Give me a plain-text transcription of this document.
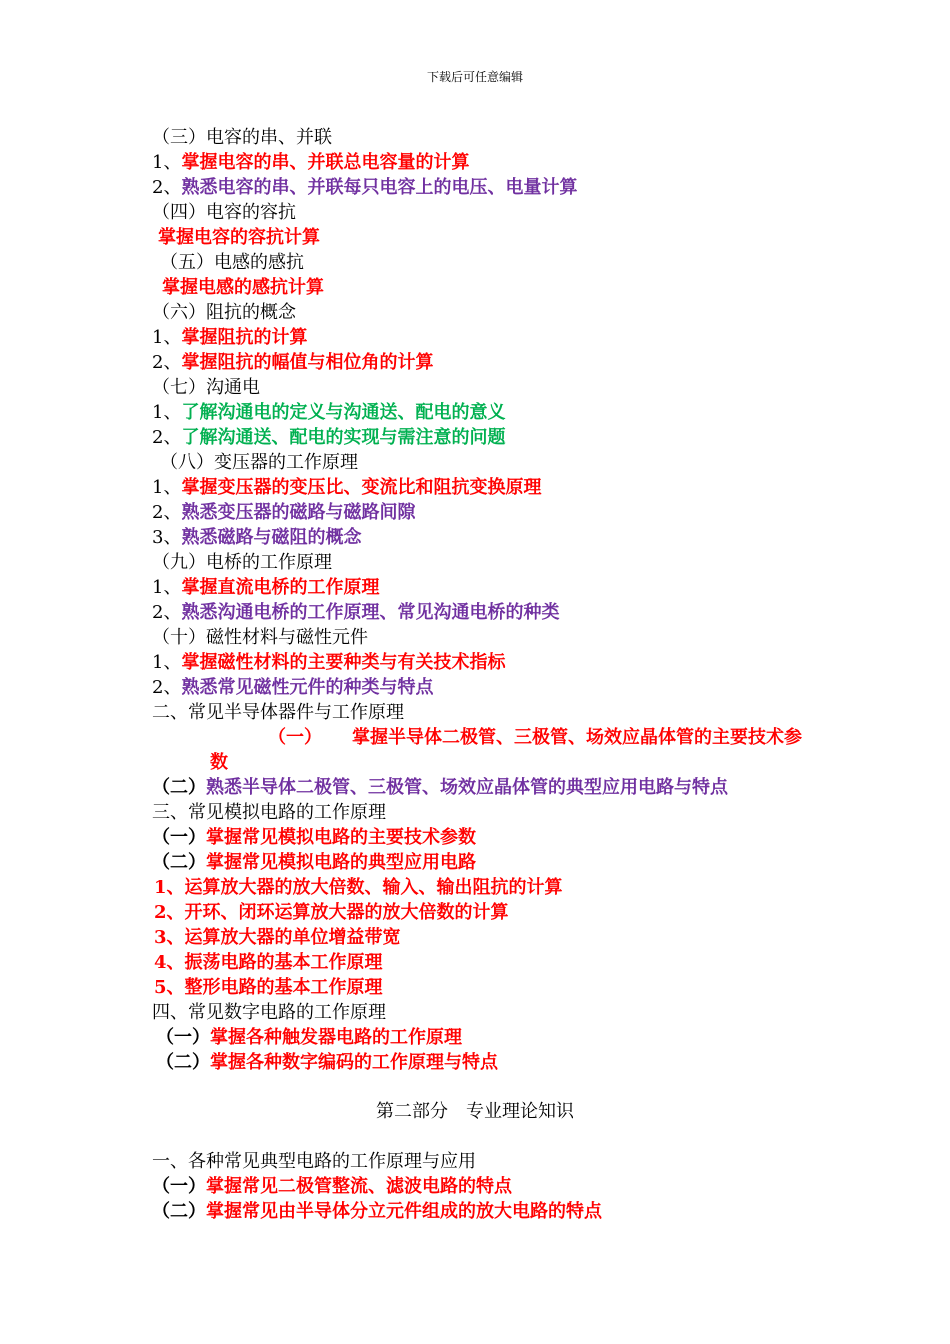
下载后可任意编辑
（三）电容的串、并联
1、掌握电容的串、并联总电容量的计算
2、熟悉电容的串、并联每只电容上的电压、电量计算
（四）电容的容抗
掌握电容的容抗计算
（五）电感的感抗
掌握电感的感抗计算
（六）阻抗的概念
1、掌握阻抗的计算
2、掌握阻抗的幅值与相位角的计算
（七）沟通电
1、了解沟通电的定义与沟通送、配电的意义
2、了解沟通送、配电的实现与需注意的问题
（八）变压器的工作原理
1、掌握变压器的变压比、变流比和阻抗变换原理
2、熟悉变压器的磁路与磁路间隙
3、熟悉磁路与磁阻的概念
（九）电桥的工作原理
1、掌握直流电桥的工作原理
2、熟悉沟通电桥的工作原理、常见沟通电桥的种类
（十）磁性材料与磁性元件
1、掌握磁性材料的主要种类与有关技术指标
2、熟悉常见磁性元件的种类与特点
二、常见半导体器件与工作原理
（一） 掌握半导体二极管、三极管、场效应晶体管的主要技术参
数
（二）熟悉半导体二极管、三极管、场效应晶体管的典型应用电路与特点
三、常见模拟电路的工作原理
（一）掌握常见模拟电路的主要技术参数
（二）掌握常见模拟电路的典型应用电路
1、运算放大器的放大倍数、输入、输出阻抗的计算
2、开环、闭环运算放大器的放大倍数的计算
3、运算放大器的单位增益带宽
4、振荡电路的基本工作原理
5、整形电路的基本工作原理
四、常见数字电路的工作原理
（一）掌握各种触发器电路的工作原理
（二）掌握各种数字编码的工作原理与特点
第二部分　专业理论知识
一、各种常见典型电路的工作原理与应用
（一）掌握常见二极管整流、滤波电路的特点
（二）掌握常见由半导体分立元件组成的放大电路的特点
